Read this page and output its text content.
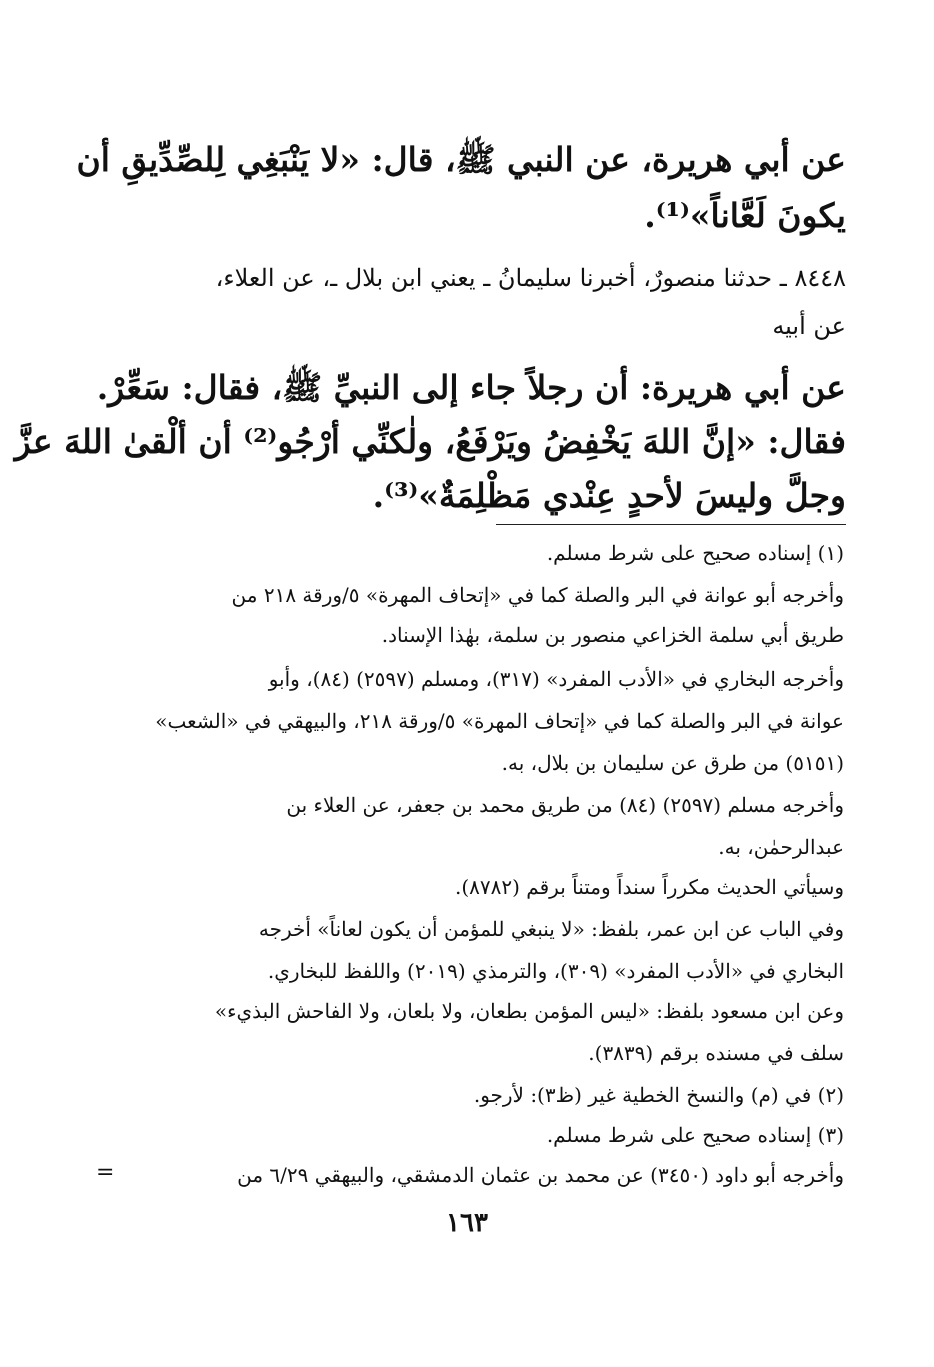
عن أبي هريرة، عن النبي ﷺ، قال: «لا يَنْبَغِي لِلصِّدِّيقِ أن
يكونَ لَعَّاناً»⁽¹⁾.
٨٤٤٨ ـ حدثنا منصورٌ، أخبرنا سليمانُ ـ يعني ابن بلال ـ، عن العلاء،
عن أبيه
عن أبي هريرة: أن رجلاً جاء إلى النبيِّ ﷺ، فقال: سَعِّرْ.
فقال: «إنَّ اللهَ يَخْفِضُ ويَرْفَعُ، ولٰكنِّي أرْجُو⁽²⁾ أن ألْقىٰ اللهَ عزَّ
وجلَّ وليسَ لأحدٍ عِنْدي مَظْلِمَةٌ»⁽³⁾.
(١) إسناده صحيح على شرط مسلم.
وأخرجه أبو عوانة في البر والصلة كما في «إتحاف المهرة» ٥/ورقة ٢١٨ من
طريق أبي سلمة الخزاعي منصور بن سلمة، بهٰذا الإسناد.
وأخرجه البخاري في «الأدب المفرد» (٣١٧)، ومسلم (٢٥٩٧) (٨٤)، وأبو
عوانة في البر والصلة كما في «إتحاف المهرة» ٥/ورقة ٢١٨، والبيهقي في «الشعب»
(٥١٥١) من طرق عن سليمان بن بلال، به.
وأخرجه مسلم (٢٥٩٧) (٨٤) من طريق محمد بن جعفر، عن العلاء بن
عبدالرحمٰن، به.
وسيأتي الحديث مكرراً سنداً ومتناً برقم (٨٧٨٢).
وفي الباب عن ابن عمر، بلفظ: «لا ينبغي للمؤمن أن يكون لعاناً» أخرجه
البخاري في «الأدب المفرد» (٣٠٩)، والترمذي (٢٠١٩) واللفظ للبخاري.
وعن ابن مسعود بلفظ: «ليس المؤمن بطعان، ولا بلعان، ولا الفاحش البذيء»
سلف في مسنده برقم (٣٨٣٩).
(٢) في (م) والنسخ الخطية غير (ظ٣): لأرجو.
(٣) إسناده صحيح على شرط مسلم.
وأخرجه أبو داود (٣٤٥٠) عن محمد بن عثمان الدمشقي، والبيهقي ٦/٢٩ من
=
١٦٣
